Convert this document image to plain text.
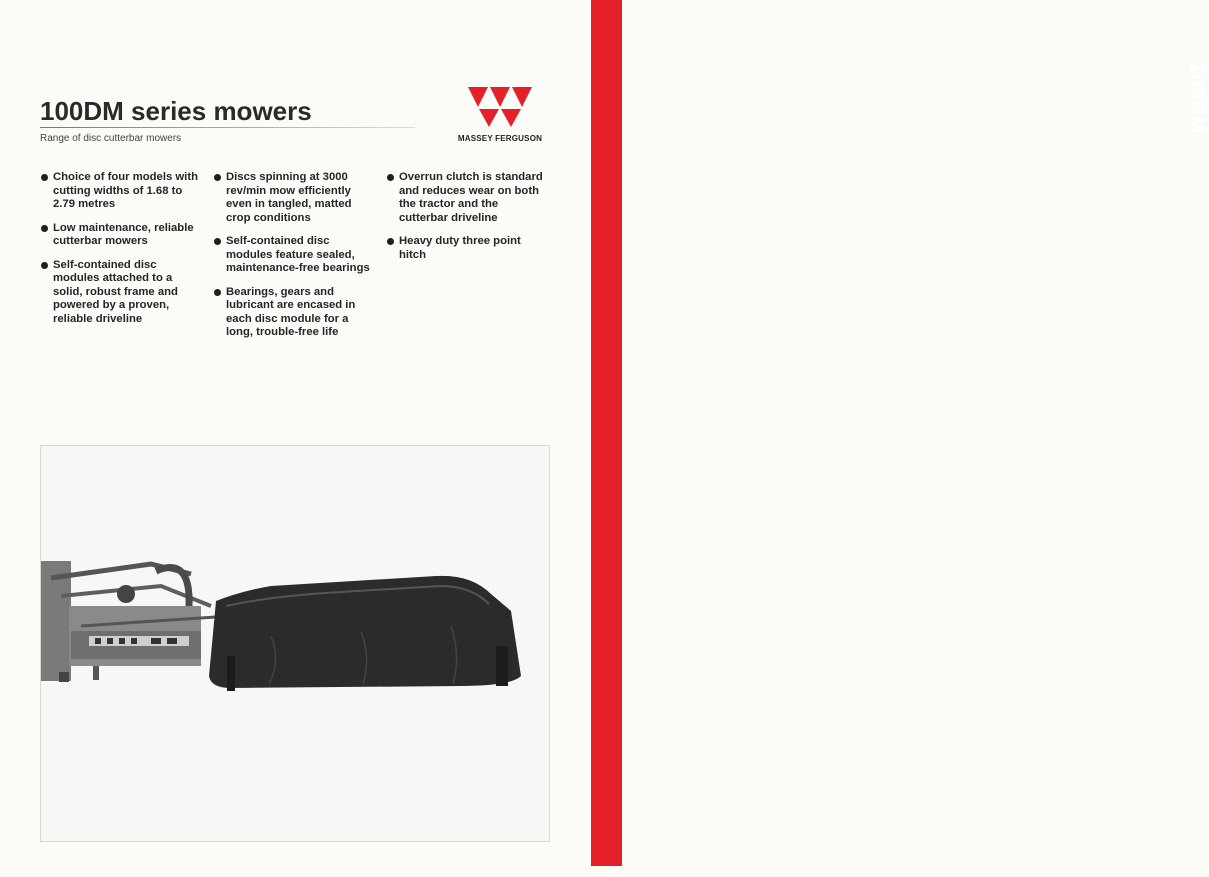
100DM
100DM series mowers
Range of disc cutterbar mowers	MASSEY FERGUSON
Choice of four models with cutting widths of 1.68 to 2.79 metres
Low maintenance, reliable cutterbar mowers
Self-contained disc modules attached to a solid, robust frame and powered by a proven, reliable driveline
Discs spinning at 3000 rev/min mow efficiently even in tangled, matted crop conditions
Self-contained disc modules feature sealed, maintenance-free bearings
Bearings, gears and lubricant are encased in each disc module for a long, trouble-free life
Overrun clutch is standard and reduces wear on both the tractor and the cutterbar driveline
Heavy duty three point hitch
